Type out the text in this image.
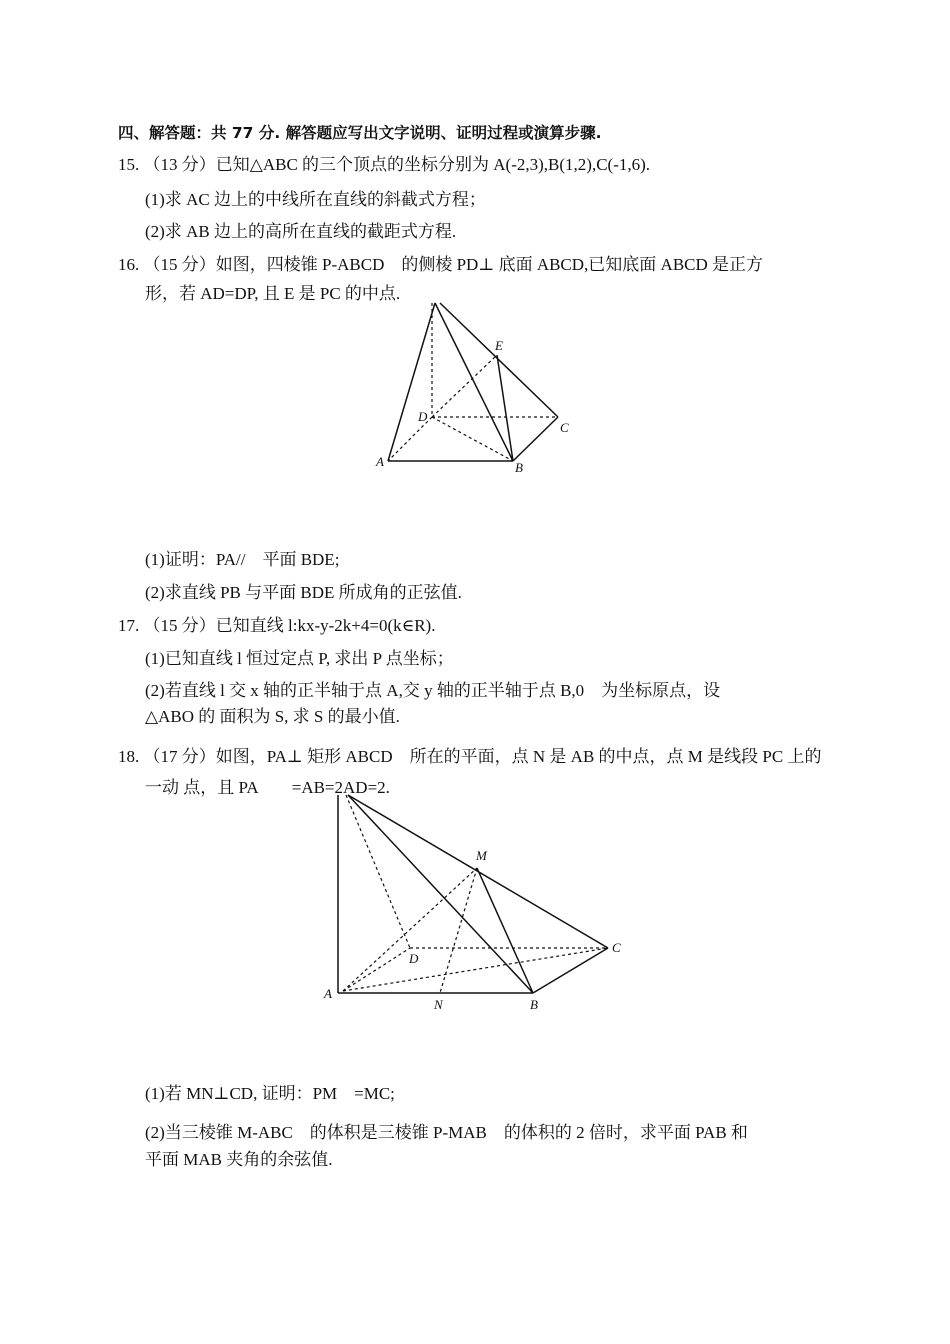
四、解答题：共 77 分. 解答题应写出文字说明、证明过程或演算步骤.
15. （13 分）已知△ABC 的三个顶点的坐标分别为 A(-2,3),B(1,2),C(-1,6).
(1)求 AC 边上的中线所在直线的斜截式方程；
(2)求 AB 边上的高所在直线的截距式方程.
16. （15 分）如图，四棱锥 P-ABCD　的侧棱 PD⊥ 底面 ABCD,已知底面 ABCD 是正方
形，若 AD=DP, 且 E 是 PC 的中点.
E
D
C
A	B
M
D
C
A
N	B
(1)证明：PA//　平面 BDE;
(2)求直线 PB 与平面 BDE 所成角的正弦值.
17. （15 分）已知直线 l:kx-y-2k+4=0(k∈R).
(1)已知直线 l 恒过定点 P, 求出 P 点坐标；
(2)若直线 l 交 x 轴的正半轴于点 A,交 y 轴的正半轴于点 B,0　为坐标原点，设
△ABO 的 面积为 S, 求 S 的最小值.
18. （17 分）如图，PA⊥ 矩形 ABCD　所在的平面，点 N 是 AB 的中点，点 M 是线段 PC 上的
一动 点，且 PA　　=AB=2AD=2.
(1)若 MN⊥CD, 证明：PM　=MC;
(2)当三棱锥 M-ABC　的体积是三棱锥 P-MAB　的体积的 2 倍时，求平面 PAB 和
平面 MAB 夹角的余弦值.
